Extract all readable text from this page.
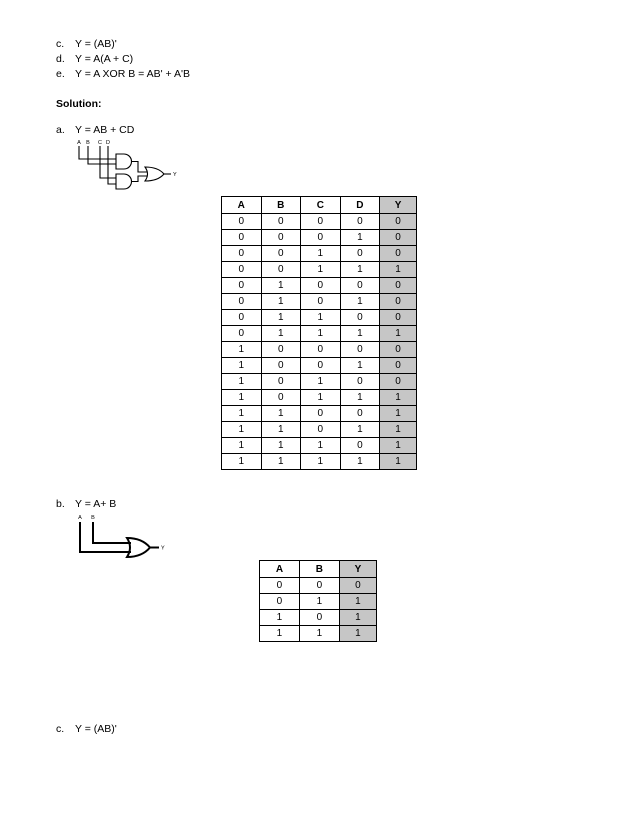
c. Y = (AB)'
d. Y = A(A + C)
e. Y = A XOR B = AB' + A'B
Solution:
a. Y = AB + CD
A B C D
Y
A	B	C	D	Y
0	0	0	0	0
0	0	0	1	0
0	0	1	0	0
0	0	1	1	1
0	1	0	0	0
0	1	0	1	0
0	1	1	0	0
0	1	1	1	1
1	0	0	0	0
1	0	0	1	0
1	0	1	0	0
1	0	1	1	1
1	1	0	0	1
1	1	0	1	1
1	1	1	0	1
1	1	1	1	1
b. Y = A+ B
A B
Y
A	B	Y
0	0	0
0	1	1
1	0	1
1	1	1
c. Y = (AB)'
